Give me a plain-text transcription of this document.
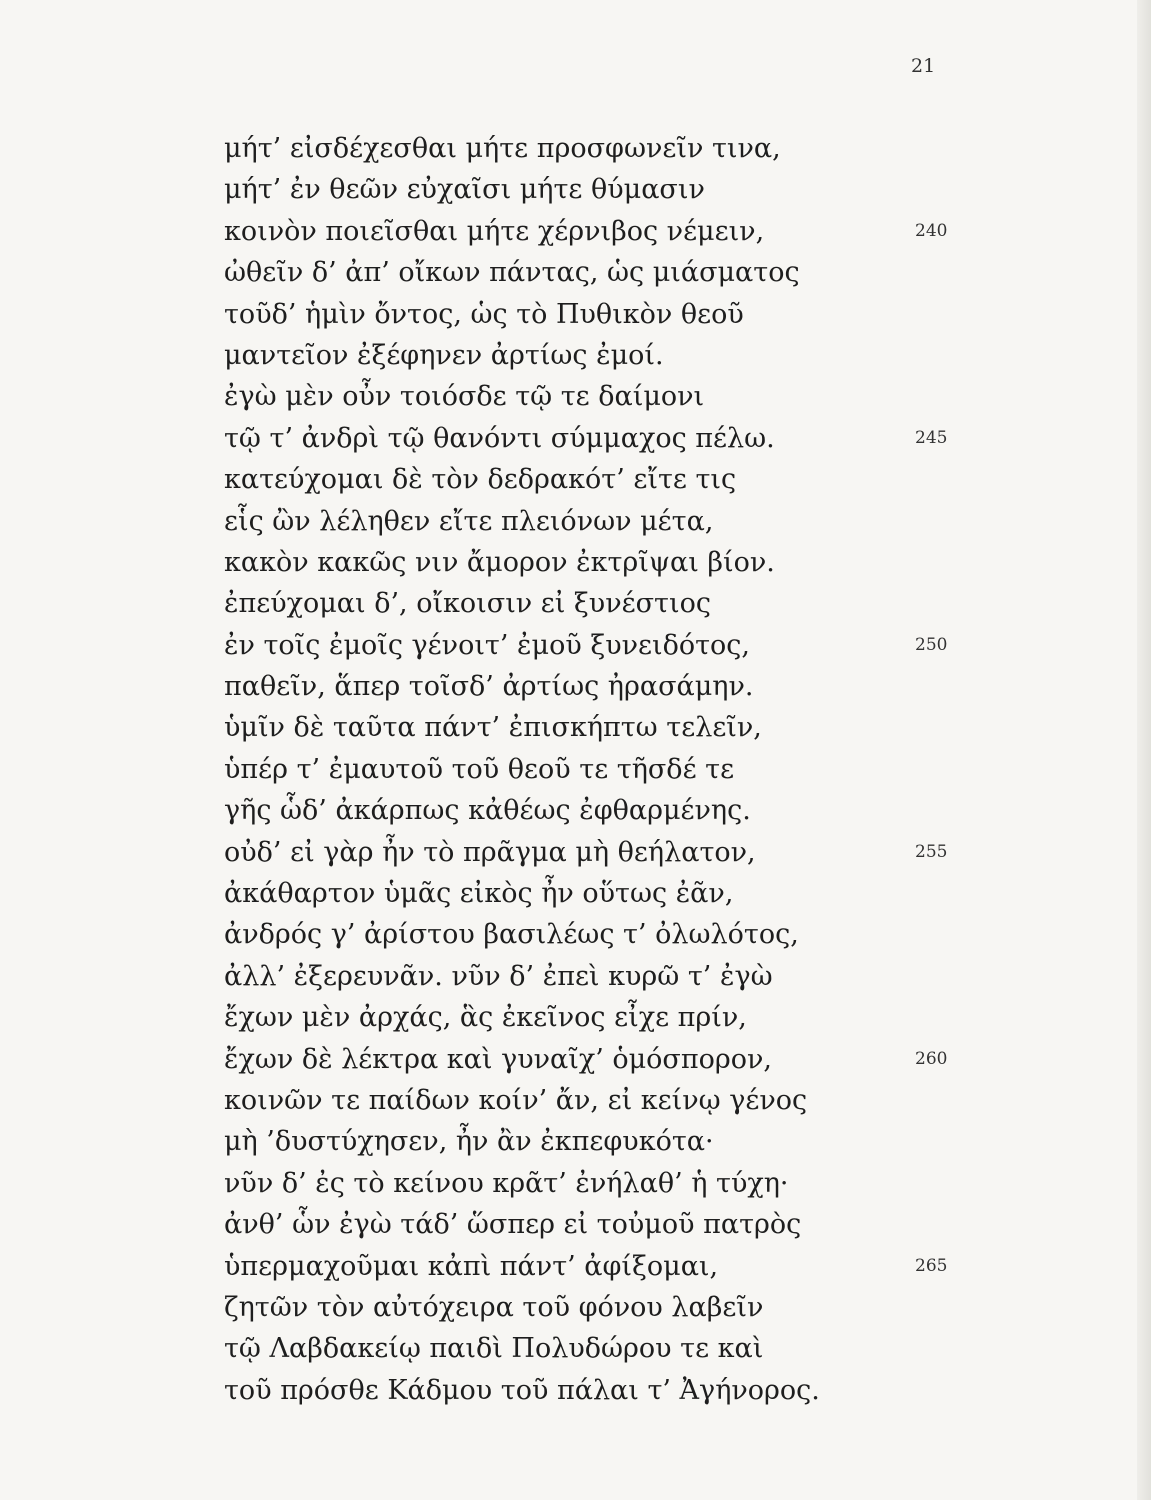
21
μήτ’ εἰσδέχεσθαι μήτε προσφωνεῖν τινα,
μήτ’ ἐν θεῶν εὐχαῖσι μήτε θύμασιν
κοινὸν ποιεῖσθαι μήτε χέρνιβος νέμειν,	240
ὠθεῖν δ’ ἀπ’ οἴκων πάντας, ὡς μιάσματος
τοῦδ’ ἡμὶν ὄντος, ὡς τὸ Πυθικὸν θεοῦ
μαντεῖον ἐξέφηνεν ἀρτίως ἐμοί.
ἐγὼ μὲν οὖν τοιόσδε τῷ τε δαίμονι
τῷ τ’ ἀνδρὶ τῷ θανόντι σύμμαχος πέλω.	245
κατεύχομαι δὲ τὸν δεδρακότ’ εἴτε τις
εἷς ὢν λέληθεν εἴτε πλειόνων μέτα,
κακὸν κακῶς νιν ἄμορον ἐκτρῖψαι βίον.
ἐπεύχομαι δ’, οἴκοισιν εἰ ξυνέστιος
ἐν τοῖς ἐμοῖς γένοιτ’ ἐμοῦ ξυνειδότος,	250
παθεῖν, ἅπερ τοῖσδ’ ἀρτίως ἠρασάμην.
ὑμῖν δὲ ταῦτα πάντ’ ἐπισκήπτω τελεῖν,
ὑπέρ τ’ ἐμαυτοῦ τοῦ θεοῦ τε τῆσδέ τε
γῆς ὧδ’ ἀκάρπως κἀθέως ἐφθαρμένης.
οὐδ’ εἰ γὰρ ἦν τὸ πρᾶγμα μὴ θεήλατον,	255
ἀκάθαρτον ὑμᾶς εἰκὸς ἦν οὕτως ἐᾶν,
ἀνδρός γ’ ἀρίστου βασιλέως τ’ ὀλωλότος,
ἀλλ’ ἐξερευνᾶν. νῦν δ’ ἐπεὶ κυρῶ τ’ ἐγὼ
ἔχων μὲν ἀρχάς, ἃς ἐκεῖνος εἶχε πρίν,
ἔχων δὲ λέκτρα καὶ γυναῖχ’ ὁμόσπορον,	260
κοινῶν τε παίδων κοίν’ ἄν, εἰ κείνῳ γένος
μὴ ’δυστύχησεν, ἦν ἂν ἐκπεφυκότα·
νῦν δ’ ἐς τὸ κείνου κρᾶτ’ ἐνήλαθ’ ἡ τύχη·
ἀνθ’ ὧν ἐγὼ τάδ’ ὥσπερ εἰ τοὐμοῦ πατρὸς
ὑπερμαχοῦμαι κἀπὶ πάντ’ ἀφίξομαι,	265
ζητῶν τὸν αὐτόχειρα τοῦ φόνου λαβεῖν
τῷ Λαβδακείῳ παιδὶ Πολυδώρου τε καὶ
τοῦ πρόσθε Κάδμου τοῦ πάλαι τ’ Ἀγήνορος.
